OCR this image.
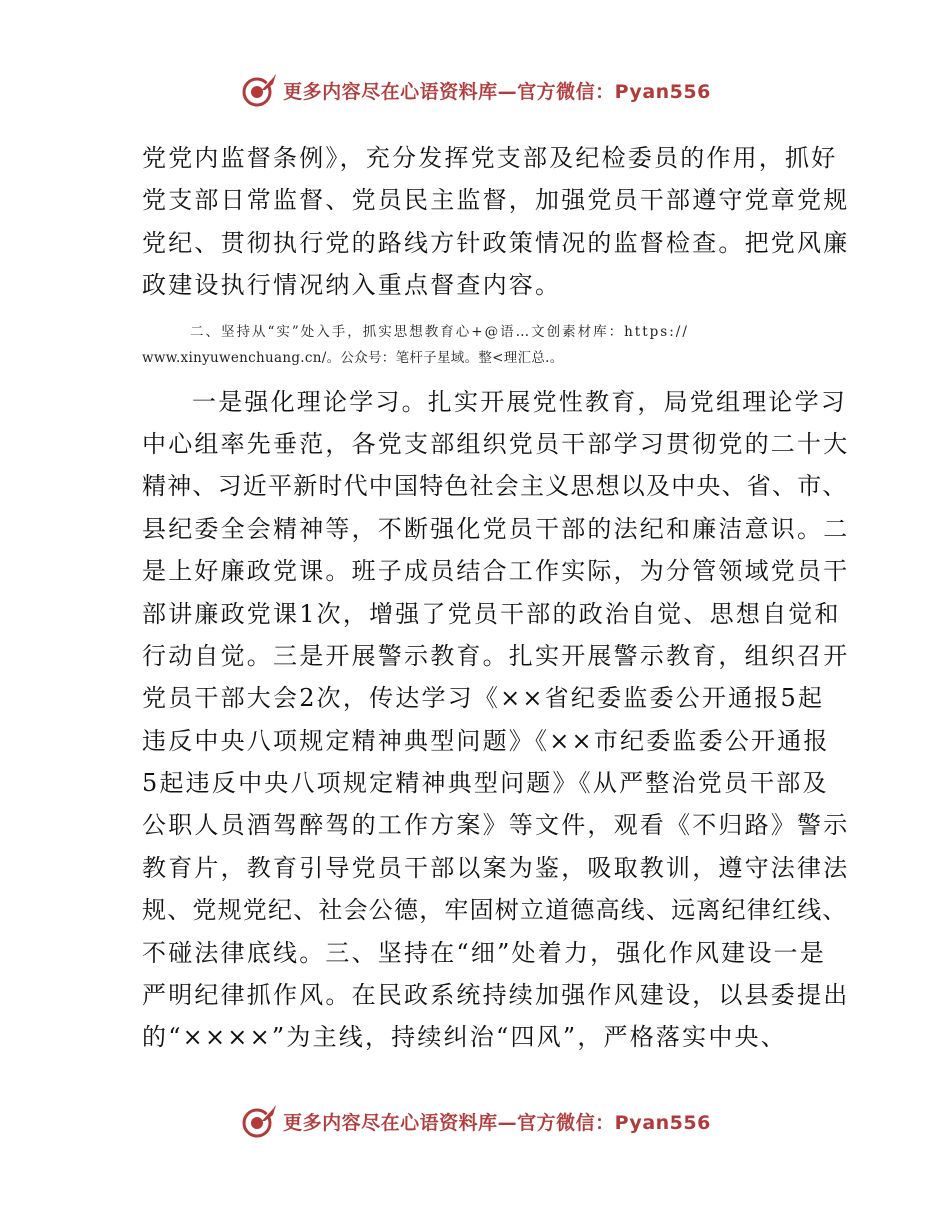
更多内容尽在心语资料库—官方微信：Pyan556
党党内监督条例》，充分发挥党支部及纪检委员的作用，抓好
党支部日常监督、党员民主监督，加强党员干部遵守党章党规
党纪、贯彻执行党的路线方针政策情况的监督检查。把党风廉
政建设执行情况纳入重点督查内容。
二、坚持从“实”处入手，抓实思想教育心+@语…文创素材库：https://
www.xinyuwenchuang.cn/。公众号：笔杆子星域。整<理汇总.。
一是强化理论学习。扎实开展党性教育，局党组理论学习
中心组率先垂范，各党支部组织党员干部学习贯彻党的二十大
精神、习近平新时代中国特色社会主义思想以及中央、省、市、
县纪委全会精神等，不断强化党员干部的法纪和廉洁意识。二
是上好廉政党课。班子成员结合工作实际，为分管领域党员干
部讲廉政党课1次，增强了党员干部的政治自觉、思想自觉和
行动自觉。三是开展警示教育。扎实开展警示教育，组织召开
党员干部大会2次，传达学习《××省纪委监委公开通报5起
违反中央八项规定精神典型问题》《××市纪委监委公开通报
5起违反中央八项规定精神典型问题》《从严整治党员干部及
公职人员酒驾醉驾的工作方案》等文件，观看《不归路》警示
教育片，教育引导党员干部以案为鉴，吸取教训，遵守法律法
规、党规党纪、社会公德，牢固树立道德高线、远离纪律红线、
不碰法律底线。三、坚持在“细”处着力，强化作风建设一是
严明纪律抓作风。在民政系统持续加强作风建设，以县委提出
的“××××”为主线，持续纠治“四风”，严格落实中央、
更多内容尽在心语资料库—官方微信：Pyan556
